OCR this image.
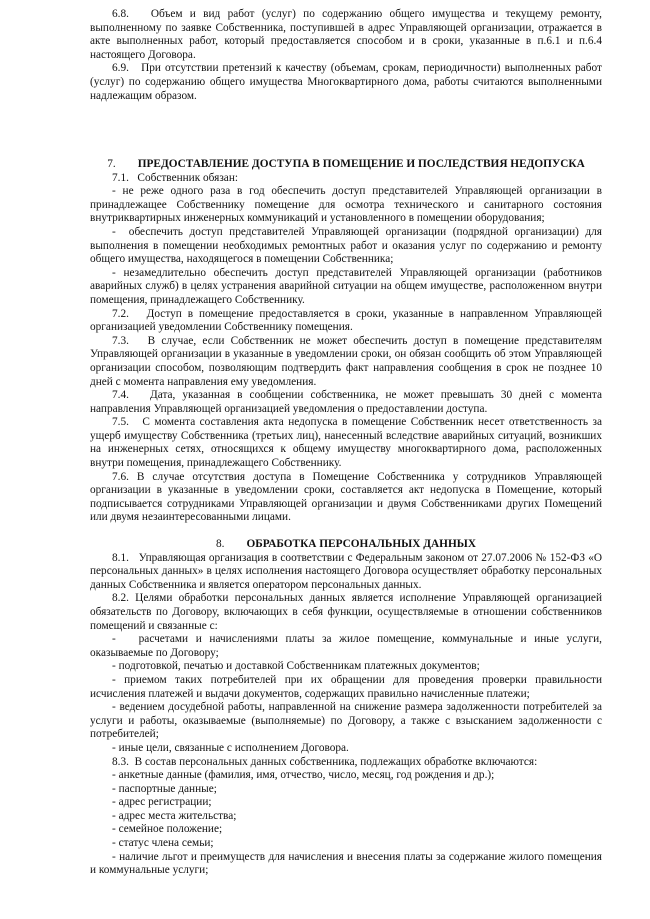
6.8.   Объем и вид работ (услуг) по содержанию общего имущества и текущему ремонту, выполненному по заявке Собственника, поступившей в адрес Управляющей организации, отражается в акте выполненных работ, который предоставляется способом и в сроки, указанные в п.6.1 и п.6.4 настоящего Договора.

6.9.   При отсутствии претензий к качеству (объемам, срокам, периодичности) выполненных работ (услуг) по содержанию общего имущества Многоквартирного дома, работы считаются выполненными надлежащим образом.

7. ПРЕДОСТАВЛЕНИЕ ДОСТУПА В ПОМЕЩЕНИЕ И ПОСЛЕДСТВИЯ НЕДОПУСКА

7.1.   Собственник обязан:

- не реже одного раза в год обеспечить доступ представителей Управляющей организации в принадлежащее Собственнику помещение для осмотра технического и санитарного состояния внутриквартирных инженерных коммуникаций и установленного в помещении оборудования;

-  обеспечить доступ представителей Управляющей организации (подрядной организации) для выполнения в помещении необходимых ремонтных работ и оказания услуг по содержанию и ремонту общего имущества, находящегося в помещении Собственника;

- незамедлительно обеспечить доступ представителей Управляющей организации (работников аварийных служб) в целях устранения аварийной ситуации на общем имуществе, расположенном внутри помещения, принадлежащего Собственнику.

7.2.   Доступ в помещение предоставляется в сроки, указанные в направленном Управляющей организацией уведомлении Собственнику помещения.

7.3.   В случае, если Собственник не может обеспечить доступ в помещение представителям Управляющей организации в указанные в уведомлении сроки, он обязан сообщить об этом Управляющей организации способом, позволяющим подтвердить факт направления сообщения в срок не позднее 10 дней с момента направления ему уведомления.

7.4.   Дата, указанная в сообщении собственника, не может превышать 30 дней с момента направления Управляющей организацией уведомления о предоставлении доступа.

7.5.   С момента составления акта недопуска в помещение Собственник несет ответственность за ущерб имуществу Собственника (третьих лиц), нанесенный вследствие аварийных ситуаций, возникших на инженерных сетях, относящихся к общему имуществу многоквартирного дома, расположенных внутри помещения, принадлежащего Собственнику.

7.6. В случае отсутствия доступа в Помещение Собственника у сотрудников Управляющей организации в указанные в уведомлении сроки, составляется акт недопуска в Помещение, который подписывается сотрудниками Управляющей организации и двумя Собственниками других Помещений или двумя незаинтересованными лицами.

8. ОБРАБОТКА ПЕРСОНАЛЬНЫХ ДАННЫХ

8.1.   Управляющая организация в соответствии с Федеральным законом от 27.07.2006 № 152-ФЗ «О персональных данных» в целях исполнения настоящего Договора осуществляет обработку персональных данных Собственника и является оператором персональных данных.

8.2. Целями обработки персональных данных является исполнение Управляющей организацией обязательств по Договору, включающих в себя функции, осуществляемые в отношении собственников помещений и связанные с:

-   расчетами и начислениями платы за жилое помещение, коммунальные и иные услуги, оказываемые по Договору;

- подготовкой, печатью и доставкой Собственникам платежных документов;

- приемом таких потребителей при их обращении для проведения проверки правильности исчисления платежей и выдачи документов, содержащих правильно начисленные платежи;

- ведением досудебной работы, направленной на снижение размера задолженности потребителей за услуги и работы, оказываемые (выполняемые) по Договору, а также с взысканием задолженности с потребителей;

- иные цели, связанные с исполнением Договора.

8.3.  В состав персональных данных собственника, подлежащих обработке включаются:

- анкетные данные (фамилия, имя, отчество, число, месяц, год рождения и др.);

- паспортные данные;

- адрес регистрации;

- адрес места жительства;

- семейное положение;

- статус члена семьи;

- наличие льгот и преимуществ для начисления и внесения платы за содержание жилого помещения и коммунальные услуги;
